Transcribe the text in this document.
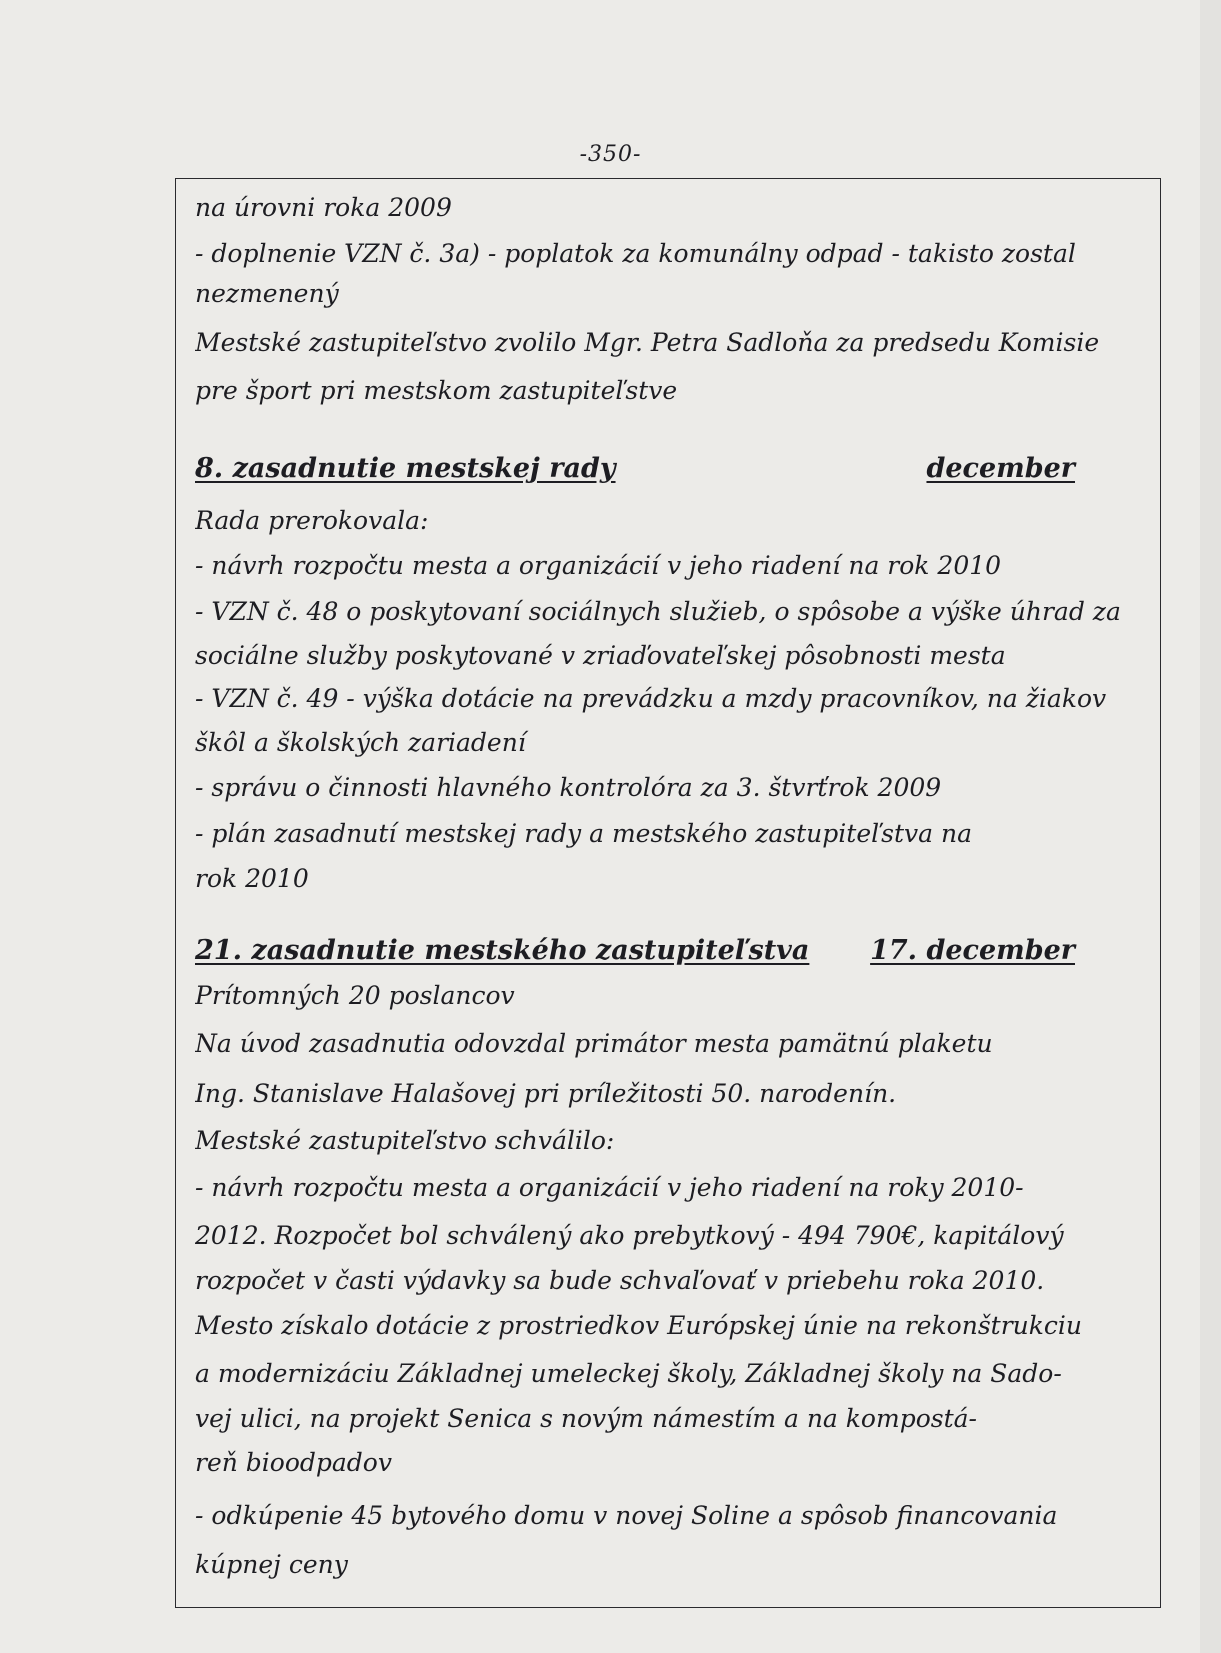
-350-
na úrovni roka 2009
- doplnenie VZN č. 3a) - poplatok za komunálny odpad - takisto zostal
nezmenený
Mestské zastupiteľstvo zvolilo Mgr. Petra Sadloňa za predsedu Komisie
pre šport pri mestskom zastupiteľstve
8. zasadnutie mestskej rady	december
Rada prerokovala:
- návrh rozpočtu mesta a organizácií v jeho riadení na rok 2010
- VZN č. 48 o poskytovaní sociálnych služieb, o spôsobe a výške úhrad za
sociálne služby poskytované v zriaďovateľskej pôsobnosti mesta
- VZN č. 49 - výška dotácie na prevádzku a mzdy pracovníkov, na žiakov
škôl a školských zariadení
- správu o činnosti hlavného kontrolóra za 3. štvrťrok 2009
- plán zasadnutí mestskej rady a mestského zastupiteľstva na
rok 2010
21. zasadnutie mestského zastupiteľstva 17. december
Prítomných 20 poslancov
Na úvod zasadnutia odovzdal primátor mesta pamätnú plaketu
Ing. Stanislave Halašovej pri príležitosti 50. narodenín.
Mestské zastupiteľstvo schválilo:
- návrh rozpočtu mesta a organizácií v jeho riadení na roky 2010-
2012. Rozpočet bol schválený ako prebytkový - 494 790€, kapitálový
rozpočet v časti výdavky sa bude schvaľovať v priebehu roka 2010.
Mesto získalo dotácie z prostriedkov Európskej únie na rekonštrukciu
a modernizáciu Základnej umeleckej školy, Základnej školy na Sado-
vej ulici, na projekt Senica s novým námestím a na kompostá-
reň bioodpadov
- odkúpenie 45 bytového domu v novej Soline a spôsob financovania
kúpnej ceny
